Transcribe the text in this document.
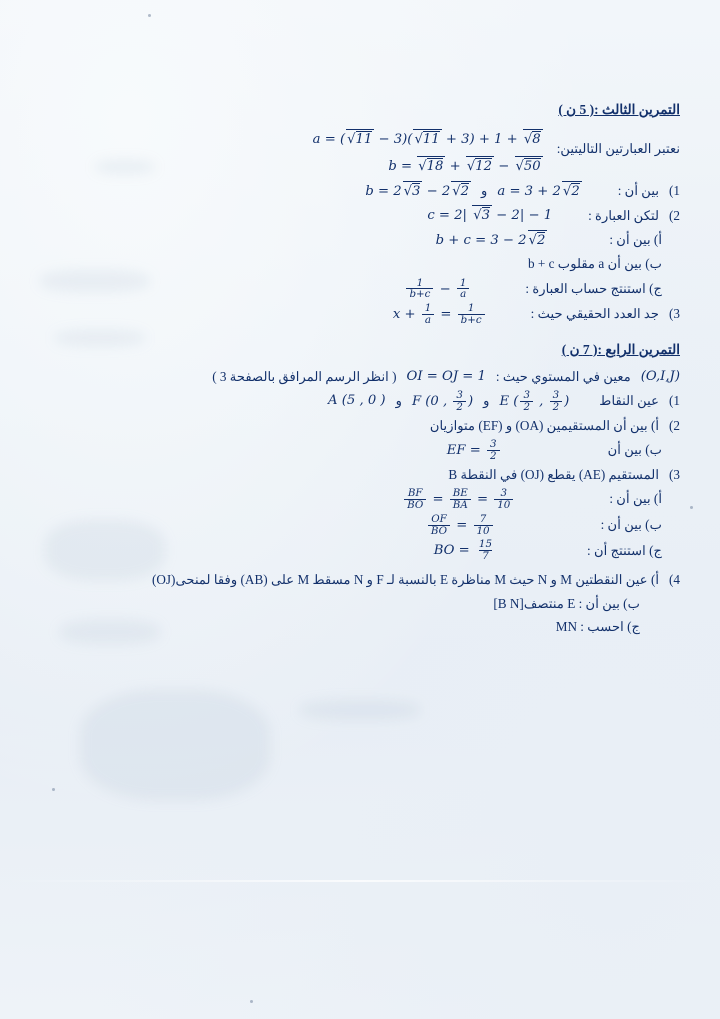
التمرين الثالث :( 5 ن )
نعتبر العبارتين التاليتين:
a = ( √11 − 3)( √11 + 3) + 1 + √8
b = √18 + √12 − √50
1)
بين أن :
a = 3 + 2 √2
و
b = 2 √3 − 2 √2
2)
لتكن العبارة :
c = 2| √3 − 2| − 1
أ) بين أن :
b + c = 3 − 2 √2
ب) بين أن a مقلوب b + c
ج) استنتج حساب العبارة :
$\frac{1}{b+c} - \frac{1}{a}$
3)
جد العدد الحقيقي حيث :
$x + \frac{1}{a} = \frac{1}{b+c}$
التمرين الرابع :( 7 ن )
(O,I,J)
معين في المستوي حيث :
OI = OJ = 1
( انظر الرسم المرافق بالصفحة 3 )
1)
عين النقاط
E ( $\frac{3}{2}$ , $\frac{3}{2}$ )
و
F (0 , $\frac{3}{2}$ )
و
A (5 , 0 )
2)
أ) بين أن المستقيمين (OA) و (EF) متوازيان
ب) بين أن
EF = $\frac{3}{2}$
3)
المستقيم (AE) يقطع (OJ) في النقطة B
أ) بين أن :
$\frac{BF}{BO} = \frac{BE}{BA} = \frac{3}{10}$
ب) بين أن :
$\frac{OF}{BO} = \frac{7}{10}$
ج) استنتج أن :
BO = $\frac{15}{7}$
4)
أ) عين النقطتين M و N حيث M مناظرة E بالنسبة لـ F و N مسقط M على (AB) وفقا لمنحى(OJ)
ب) بين أن : E منتصف[B N]
ج) احسب : MN
